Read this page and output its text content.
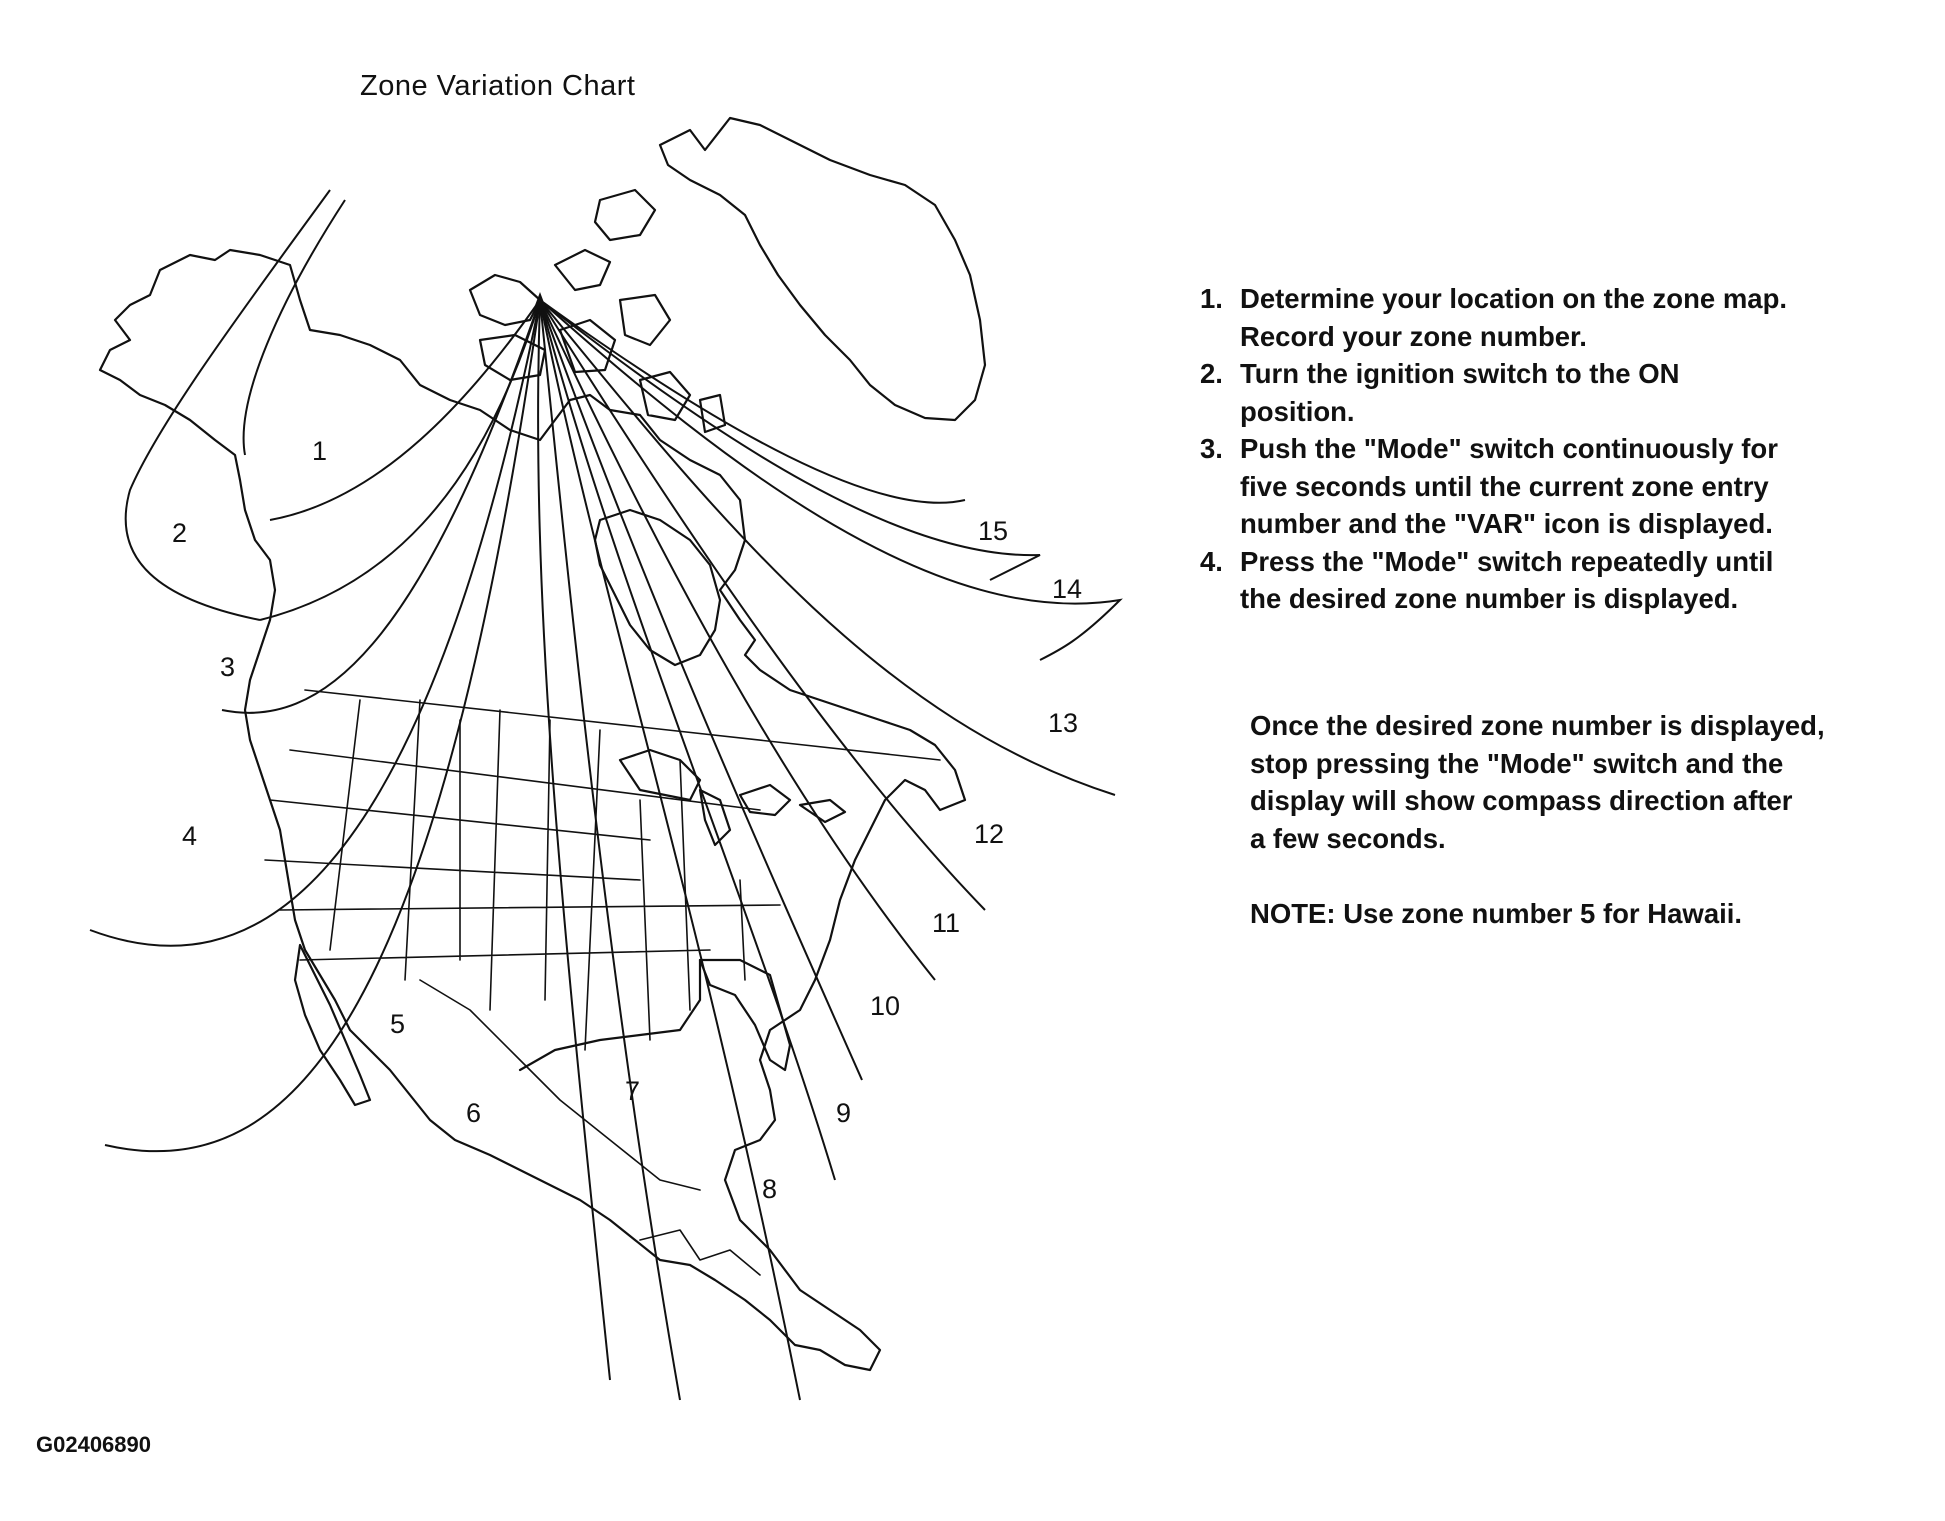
Zone Variation Chart
1
2
3
4
5
6
7
8
9
10
11
12
13
14
15
1. Determine your location on the zone map.
Record your zone number.
2. Turn the ignition switch to the ON
position.
3. Push the "Mode" switch continuously for
five seconds until the current zone entry
number and the "VAR" icon is displayed.
4. Press the "Mode" switch repeatedly until
the desired zone number is displayed.
Once the desired zone number is displayed,
stop pressing the "Mode" switch and the
display will show compass direction after
a few seconds.
NOTE: Use zone number 5 for Hawaii.
G02406890
